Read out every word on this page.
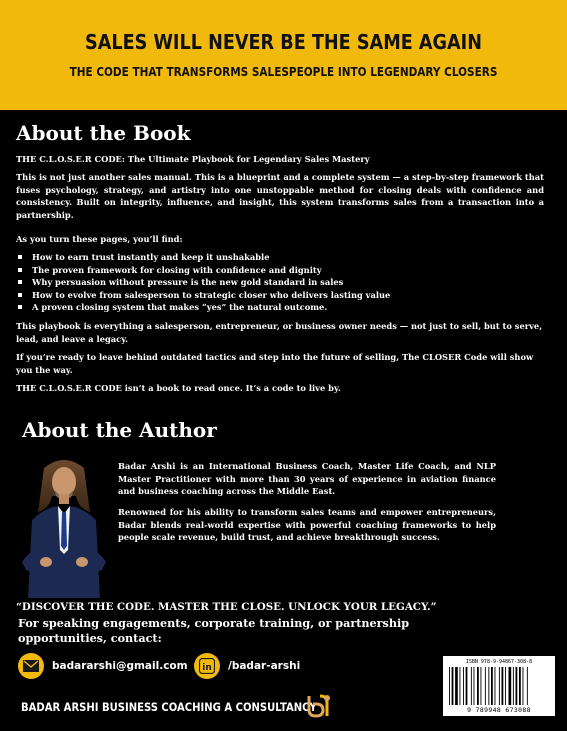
SALES WILL NEVER BE THE SAME AGAIN
THE CODE THAT TRANSFORMS SALESPEOPLE INTO LEGENDARY CLOSERS
About the Book
THE C.L.O.S.E.R CODE: The Ultimate Playbook for Legendary Sales Mastery
This is not just another sales manual. This is a blueprint and a complete system — a step-by-step framework that fuses psychology, strategy, and artistry into one unstoppable method for closing deals with confidence and consistency. Built on integrity, influence, and insight, this system transforms sales from a transaction into a partnership.
As you turn these pages, you’ll find:
How to earn trust instantly and keep it unshakable
The proven framework for closing with confidence and dignity
Why persuasion without pressure is the new gold standard in sales
How to evolve from salesperson to strategic closer who delivers lasting value
A proven closing system that makes “yes” the natural outcome.
This playbook is everything a salesperson, entrepreneur, or business owner needs — not just to sell, but to serve, lead, and leave a legacy.
If you’re ready to leave behind outdated tactics and step into the future of selling, The CLOSER Code will show you the way.
THE C.L.O.S.E.R CODE isn’t a book to read once. It’s a code to live by.
About the Author
Badar Arshi is an International Business Coach, Master Life Coach, and NLP Master Practitioner with more than 30 years of experience in aviation finance and business coaching across the Middle East.
Renowned for his ability to transform sales teams and empower entrepreneurs, Badar blends real-world expertise with powerful coaching frameworks to help people scale revenue, build trust, and achieve breakthrough success.
“DISCOVER THE CODE. MASTER THE CLOSE. UNLOCK YOUR LEGACY.”
For speaking engagements, corporate training, or partnership opportunities, contact:
badararshi@gmail.com in /badar-arshi
BADAR ARSHI BUSINESS COACHING A CONSULTANCY
ISBN 978-9-94867-308-8
9 789948 673088
